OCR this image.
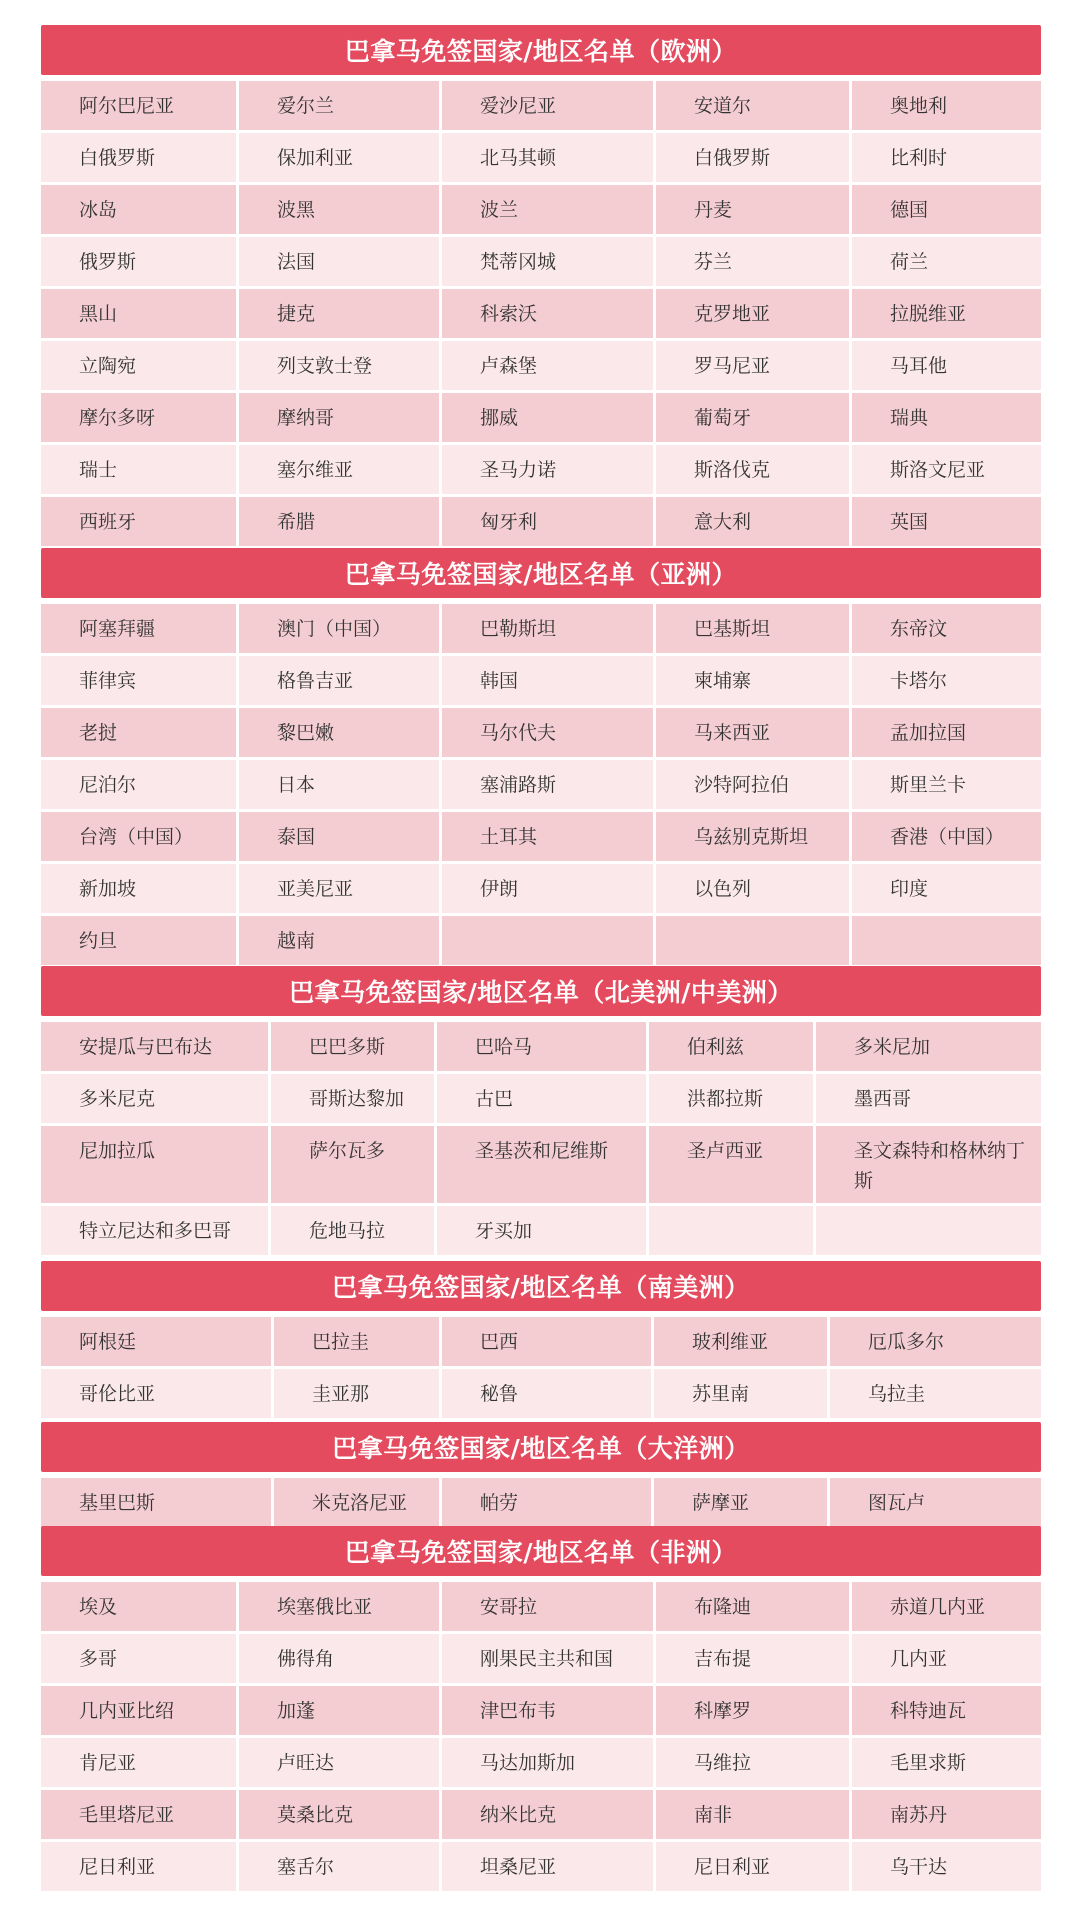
巴拿马免签国家/地区名单（欧洲）
阿尔巴尼亚	爱尔兰	爱沙尼亚	安道尔	奥地利

白俄罗斯	保加利亚	北马其顿	白俄罗斯	比利时

冰岛	波黑	波兰	丹麦	德国

俄罗斯	法国	梵蒂冈城	芬兰	荷兰

黑山	捷克	科索沃	克罗地亚	拉脱维亚

立陶宛	列支敦士登	卢森堡	罗马尼亚	马耳他

摩尔多呀	摩纳哥	挪威	葡萄牙	瑞典

瑞士	塞尔维亚	圣马力诺	斯洛伐克	斯洛文尼亚

西班牙	希腊	匈牙利	意大利	英国
巴拿马免签国家/地区名单（亚洲）
阿塞拜疆	澳门（中国）	巴勒斯坦	巴基斯坦	东帝汶

菲律宾	格鲁吉亚	韩国	柬埔寨	卡塔尔

老挝	黎巴嫩	马尔代夫	马来西亚	孟加拉国

尼泊尔	日本	塞浦路斯	沙特阿拉伯	斯里兰卡

台湾（中国）	泰国	土耳其	乌兹别克斯坦	香港（中国）

新加坡	亚美尼亚	伊朗	以色列	印度

约旦	越南			

巴拿马免签国家/地区名单（北美洲/中美洲）
安提瓜与巴布达	巴巴多斯	巴哈马	伯利兹	多米尼加

多米尼克	哥斯达黎加	古巴	洪都拉斯	墨西哥

尼加拉瓜	萨尔瓦多	圣基茨和尼维斯	圣卢西亚	圣文森特和格林纳丁斯

特立尼达和多巴哥	危地马拉	牙买加		

巴拿马免签国家/地区名单（南美洲）
阿根廷	巴拉圭	巴西	玻利维亚	厄瓜多尔

哥伦比亚	圭亚那	秘鲁	苏里南	乌拉圭
巴拿马免签国家/地区名单（大洋洲）
基里巴斯	米克洛尼亚	帕劳	萨摩亚	图瓦卢
巴拿马免签国家/地区名单（非洲）
埃及	埃塞俄比亚	安哥拉	布隆迪	赤道几内亚

多哥	佛得角	刚果民主共和国	吉布提	几内亚

几内亚比绍	加蓬	津巴布韦	科摩罗	科特迪瓦

肯尼亚	卢旺达	马达加斯加	马维拉	毛里求斯

毛里塔尼亚	莫桑比克	纳米比克	南非	南苏丹

尼日利亚	塞舌尔	坦桑尼亚	尼日利亚	乌干达
